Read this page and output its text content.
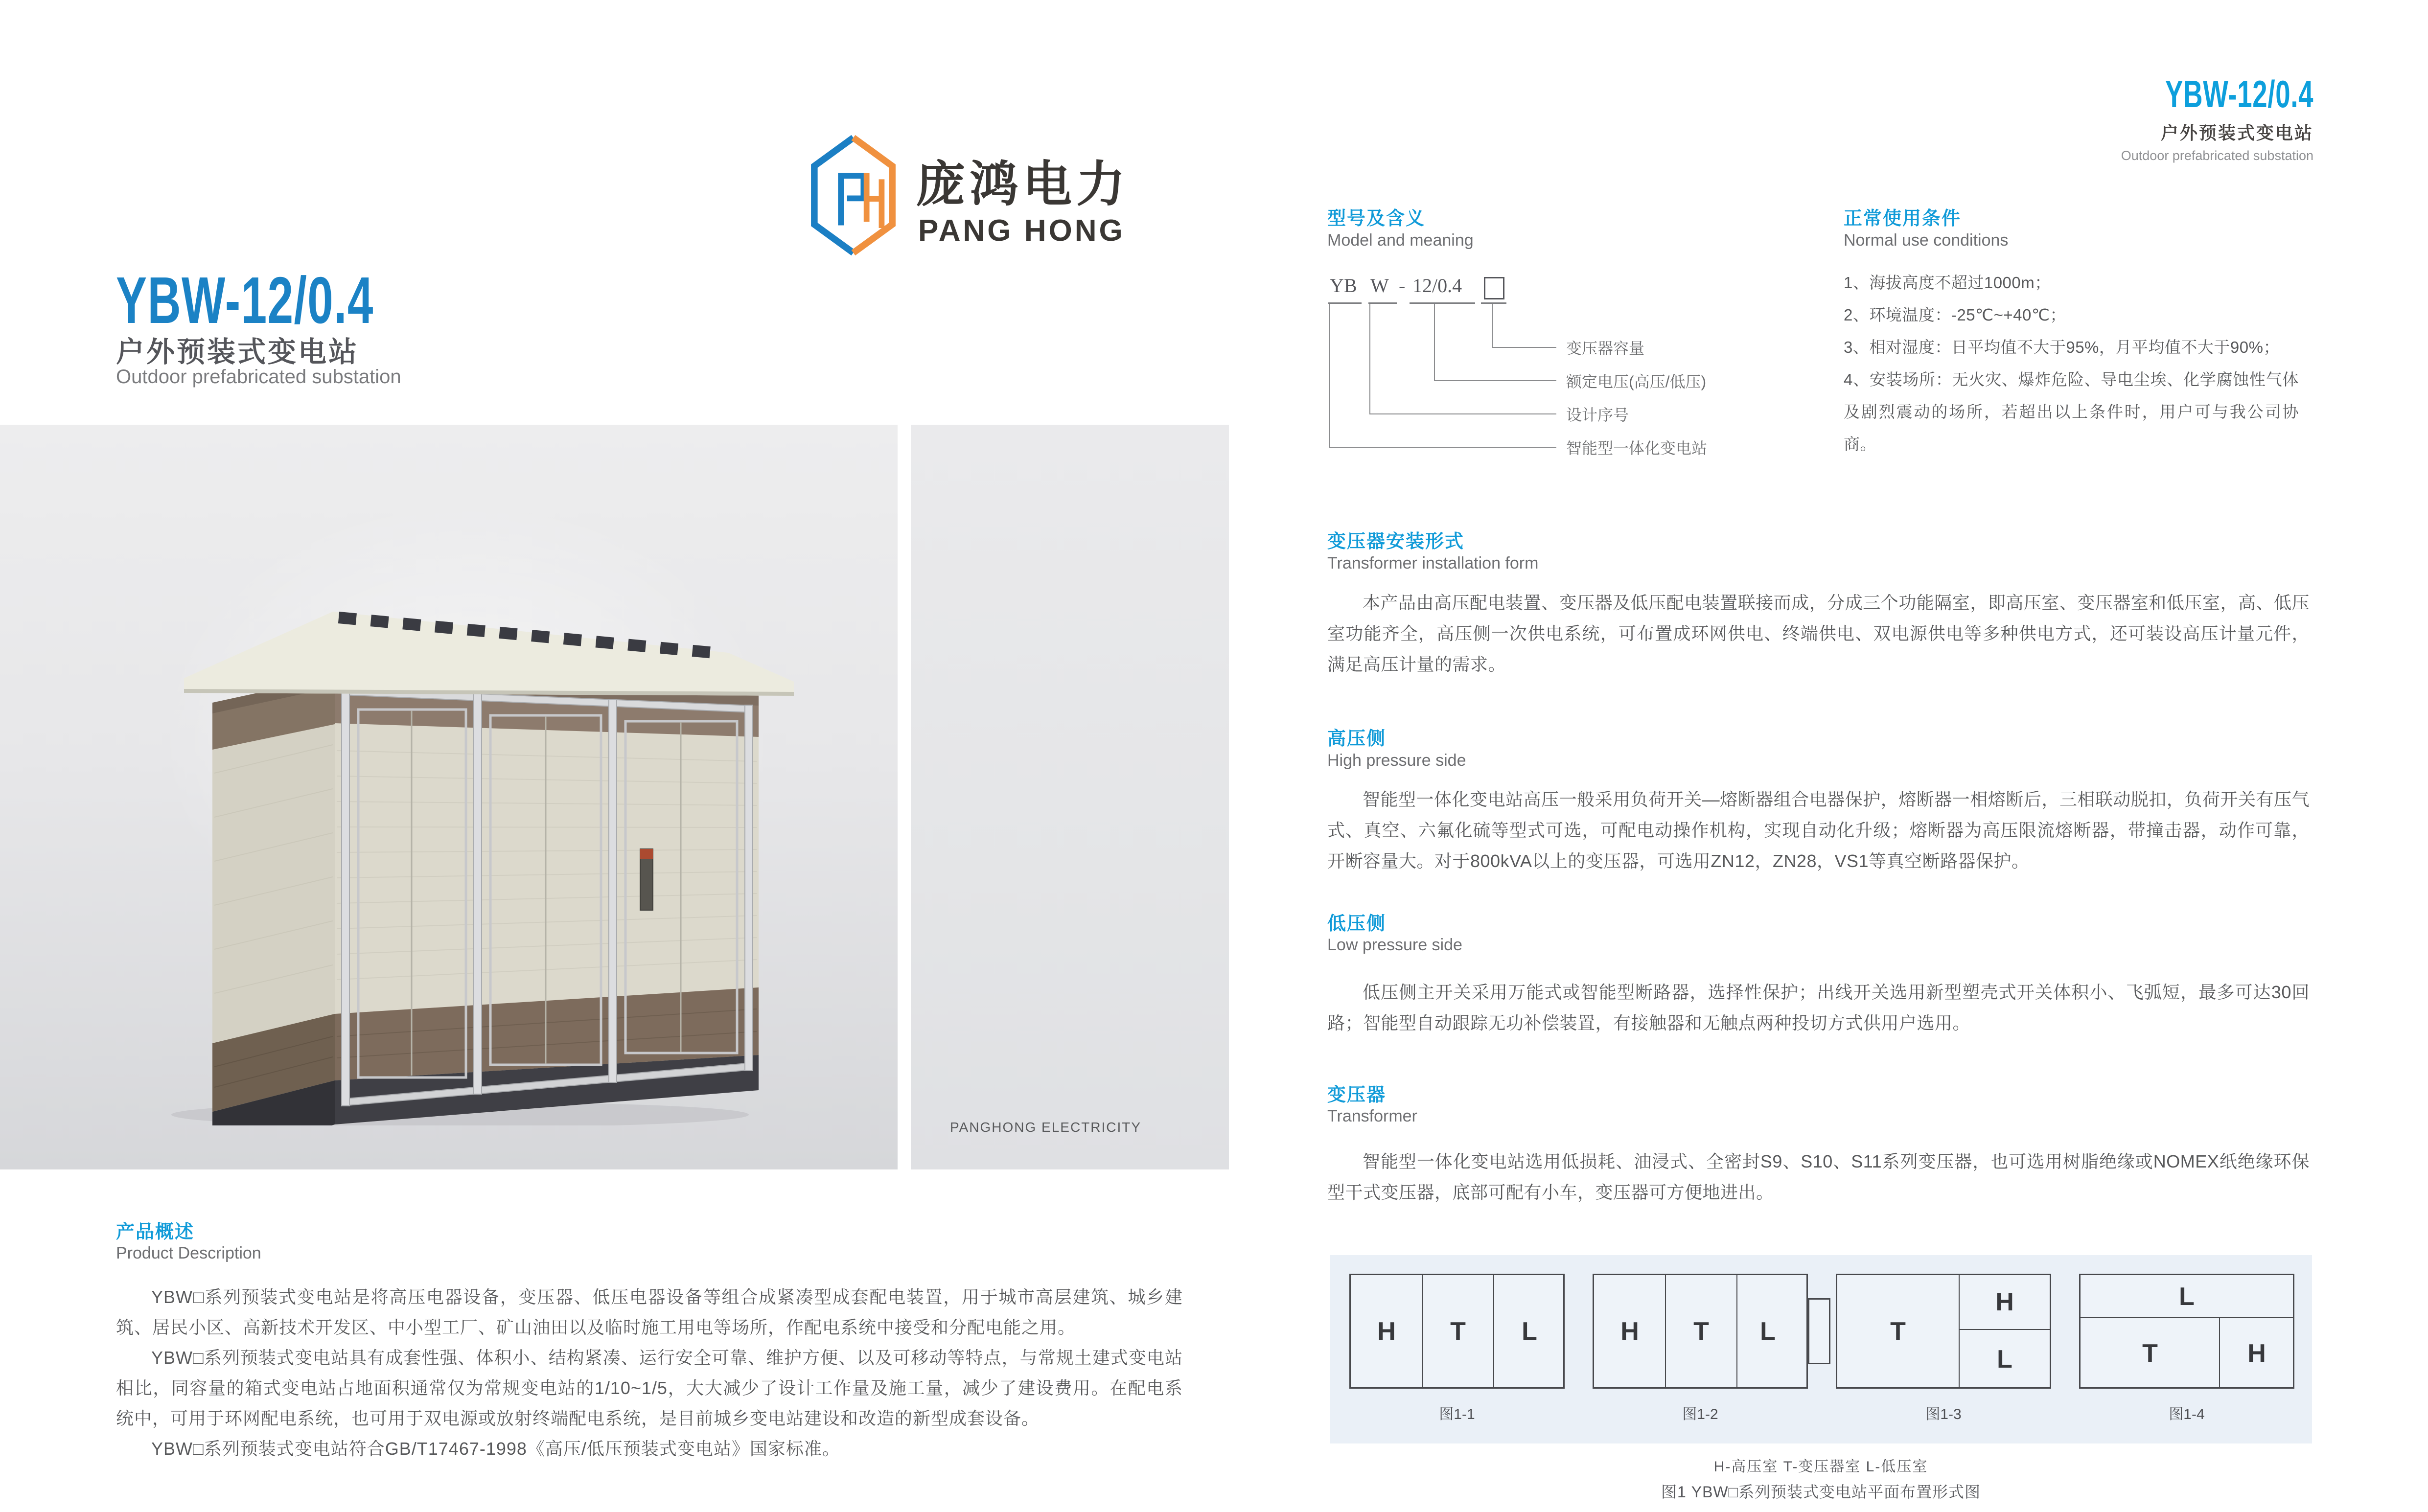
YBW-12/0.4
户外预装式变电站
Outdoor prefabricated substation
庞鸿电力
PANG HONG
YBW-12/0.4
户外预装式变电站
Outdoor prefabricated substation
PANGHONG ELECTRICITY
产品概述
Product Description

YBW□系列预装式变电站是将高压电器设备，变压器、低压电器设备等组合成紧凑型成套配电装置，用于城市高层建筑、城乡建筑、居民小区、高新技术开发区、中小型工厂、矿山油田以及临时施工用电等场所，作配电系统中接受和分配电能之用。

YBW□系列预装式变电站具有成套性强、体积小、结构紧凑、运行安全可靠、维护方便、以及可移动等特点，与常规土建式变电站相比，同容量的箱式变电站占地面积通常仅为常规变电站的1/10~1/5，大大减少了设计工作量及施工量，减少了建设费用。在配电系统中，可用于环网配电系统，也可用于双电源或放射终端配电系统，是目前城乡变电站建设和改造的新型成套设备。

YBW□系列预装式变电站符合GB/T17467-1998《高压/低压预装式变电站》国家标准。

型号及含义
Model and meaning
YB W - 12/0.4
变压器容量
额定电压(高压/低压)
设计序号
智能型一体化变电站
正常使用条件
Normal use conditions
1、海拔高度不超过1000m；
2、环境温度：-25℃~+40℃；
3、相对湿度：日平均值不大于95%，月平均值不大于90%；
4、安装场所：无火灾、爆炸危险、导电尘埃、化学腐蚀性气体及剧烈震动的场所，若超出以上条件时，用户可与我公司协商。
变压器安装形式
Transformer installation form
本产品由高压配电装置、变压器及低压配电装置联接而成，分成三个功能隔室，即高压室、变压器室和低压室，高、低压室功能齐全，高压侧一次供电系统，可布置成环网供电、终端供电、双电源供电等多种供电方式，还可装设高压计量元件，满足高压计量的需求。
高压侧
High pressure side
智能型一体化变电站高压一般采用负荷开关—熔断器组合电器保护，熔断器一相熔断后，三相联动脱扣，负荷开关有压气式、真空、六氟化硫等型式可选，可配电动操作机构，实现自动化升级；熔断器为高压限流熔断器，带撞击器，动作可靠，开断容量大。对于800kVA以上的变压器，可选用ZN12，ZN28，VS1等真空断路器保护。
低压侧
Low pressure side
低压侧主开关采用万能式或智能型断路器，选择性保护；出线开关选用新型塑壳式开关体积小、飞弧短，最多可达30回路；智能型自动跟踪无功补偿装置，有接触器和无触点两种投切方式供用户选用。
变压器
Transformer
智能型一体化变电站选用低损耗、油浸式、全密封S9、S10、S11系列变压器，也可选用树脂绝缘或NOMEX纸绝缘环保型干式变压器，底部可配有小车，变压器可方便地进出。
H T L	H T L	T
H
L
L
T	H
图1-1	图1-2	图1-3	图1-4
H-高压室 T-变压器室 L-低压室
图1 YBW□系列预装式变电站平面布置形式图
